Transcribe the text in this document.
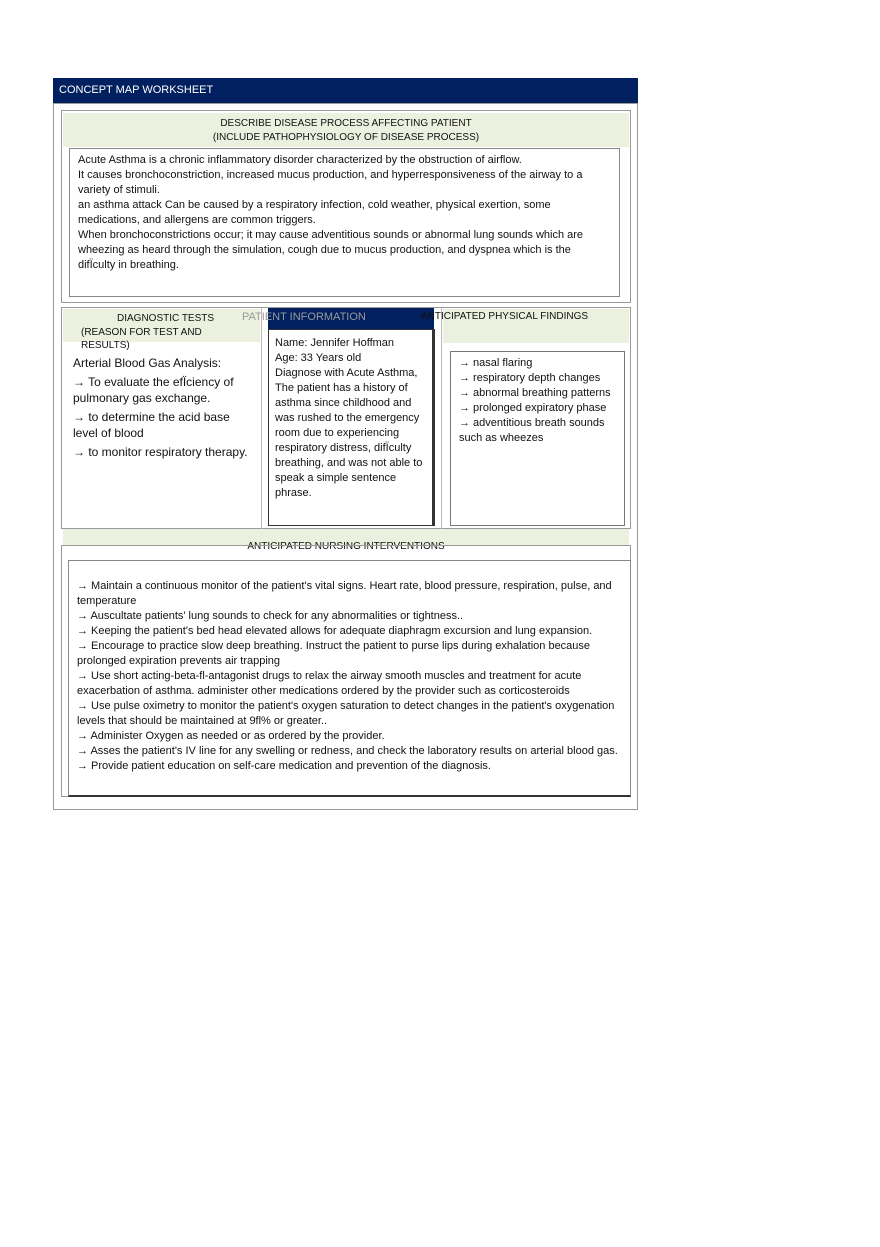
CONCEPT MAP WORKSHEET
DESCRIBE DISEASE PROCESS AFFECTING PATIENT
(INCLUDE PATHOPHYSIOLOGY OF DISEASE PROCESS)

Acute Asthma is a chronic inflammatory disorder characterized by the obstruction of airflow.

It causes bronchoconstriction, increased mucus production, and hyperresponsiveness of the airway to a variety of stimuli.

an asthma attack Can be caused by a respiratory infection, cold weather, physical exertion, some medications, and allergens are common triggers.

When bronchoconstrictions occur; it may cause adventitious sounds or abnormal lung sounds which are wheezing as heard through the simulation, cough due to mucus production, and dyspnea which is the difÏculty in breathing.

DIAGNOSTIC TESTS
(REASON FOR TEST AND
RESULTS)

Arterial Blood Gas Analysis:

→ To evaluate the efÏciency of pulmonary gas exchange.

→ to determine the acid base level of blood

→ to monitor respiratory therapy.

PATIENT INFORMATION

Name: Jennifer Hoffman

Age: 33 Years old

Diagnose with Acute Asthma, The patient has a history of asthma since childhood and was rushed to the emergency room due to experiencing respiratory distress, difÏculty breathing, and was not able to speak a simple sentence phrase.

ANTICIPATED PHYSICAL FINDINGS

→ nasal flaring

→ respiratory depth changes

→ abnormal breathing patterns

→ prolonged expiratory phase

→ adventitious breath sounds such as wheezes

ANTICIPATED NURSING INTERVENTIONS

→ Maintain a continuous monitor of the patient's vital signs. Heart rate, blood pressure, respiration, pulse, and temperature

→ Auscultate patients' lung sounds to check for any abnormalities or tightness..

→ Keeping the patient's bed head elevated allows for adequate diaphragm excursion and lung expansion.

→ Encourage to practice slow deep breathing. Instruct the patient to purse lips during exhalation because prolonged expiration prevents air trapping

→ Use short acting-beta-fl-antagonist drugs to relax the airway smooth muscles and treatment for acute exacerbation of asthma. administer other medications ordered by the provider such as corticosteroids

→ Use pulse oximetry to monitor the patient's oxygen saturation to detect changes in the patient's oxygenation levels that should be maintained at 9fl% or greater..

→ Administer Oxygen as needed or as ordered by the provider.

→ Asses the patient's IV line for any swelling or redness, and check the laboratory results on arterial blood gas.

→ Provide patient education on self-care medication and prevention of the diagnosis.
